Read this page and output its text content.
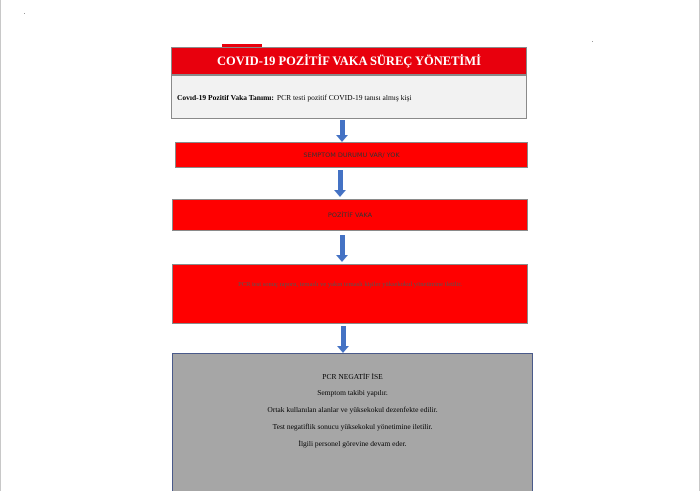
COVID-19 POZİTİF VAKA SÜREÇ YÖNETİMİ
Covıd-19 Pozitif Vaka Tanımı: PCR testi pozitif COVID-19 tanısı almış kişi
SEMPTOM DURUMU VAR/ YOK
POZİTİF VAKA
PCR test sonuç raporu, temaslı ve yakın temaslı kişiler yüksekokul yönetimine iletilir.
PCR NEGATİF İSE
Semptom takibi yapılır.
Ortak kullanılan alanlar ve yüksekokul dezenfekte edilir.
Test negatiflik sonucu yüksekokul yönetimine iletilir.
İlgili personel görevine devam eder.
